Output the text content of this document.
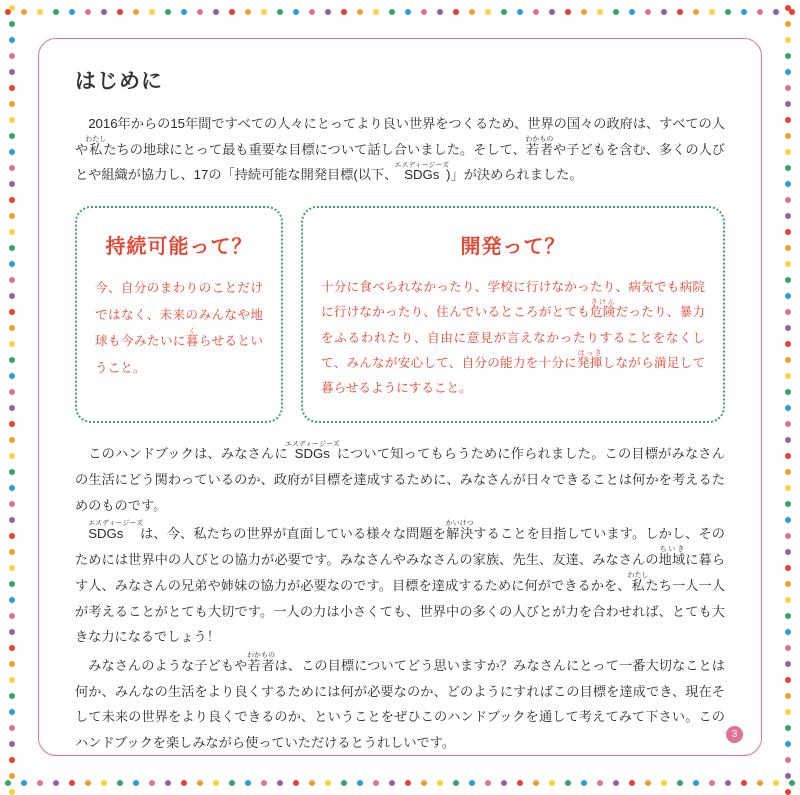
はじめに

2016年からの15年間ですべての人々にとってより良い世界をつくるため、世界の国々の政府は、すべての人や私わたしたちの地球にとって最も重要な目標について話し合いました。そして、若者わかものや子どもを含む、多くの人びとや組織が協力し、17の「持続可能な開発目標(以下、SDGsエスディージーズ)」が決められました。

持続可能って？

今、自分のまわりのことだけではなく、未来のみんなや地球も今みたいに暮くらせるということ。

開発って？

十分に食べられなかったり、学校に行けなかったり、病気でも病院に行けなかったり、住んでいるところがとても危険きけんだったり、暴力をふるわれたり、自由に意見が言えなかったりすることをなくして、みんなが安心して、自分の能力を十分に発揮はっきしながら満足して暮らせるようにすること。

このハンドブックは、みなさんにSDGsエスディージーズについて知ってもらうために作られました。この目標がみなさんの生活にどう関わっているのか、政府が目標を達成するために、みなさんが日々できることは何かを考えるためのものです。

SDGsエスディージーズは、今、私たちの世界が直面している様々な問題を解決かいけつすることを目指しています。しかし、そのためには世界中の人びとの協力が必要です。みなさんやみなさんの家族、先生、友達、みなさんの地域ちいきに暮らす人、みなさんの兄弟や姉妹の協力が必要なのです。目標を達成するために何ができるかを、私わたしたち一人一人が考えることがとても大切です。一人の力は小さくても、世界中の多くの人びとが力を合わせれば、とても大きな力になるでしょう！

みなさんのような子どもや若者わかものは、この目標についてどう思いますか？みなさんにとって一番大切なことは何か、みんなの生活をより良くするためには何が必要なのか、どのようにすればこの目標を達成でき、現在そして未来の世界をより良くできるのか、ということをぜひこのハンドブックを通して考えてみて下さい。このハンドブックを楽しみながら使っていただけるとうれしいです。

3
